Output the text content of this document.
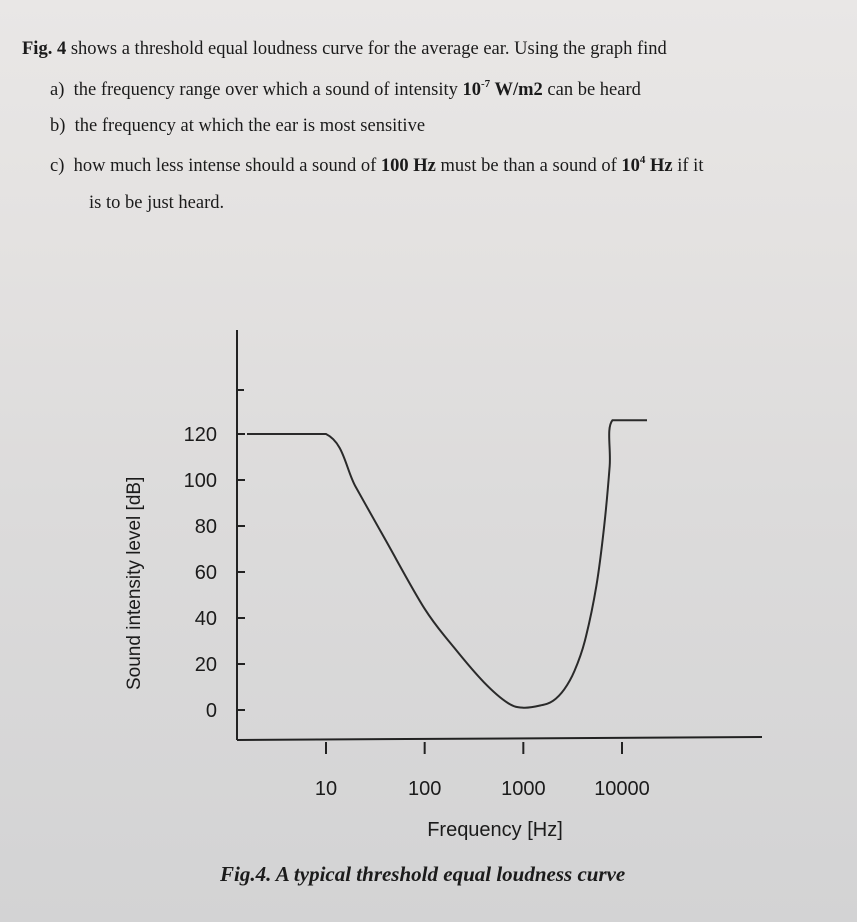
Fig. 4 shows a threshold equal loudness curve for the average ear. Using the graph find
a) the frequency range over which a sound of intensity $10^{-7}$ W/m2 can be heard
b) the frequency at which the ear is most sensitive
c) how much less intense should a sound of 100 Hz must be than a sound of $10^4$ Hz if it
is to be just heard.
0
20
40
60
80
100
120
10	100	1000 10000
Sound intensity level [dB]
Frequency [Hz]
Fig.4. A typical threshold equal loudness curve
